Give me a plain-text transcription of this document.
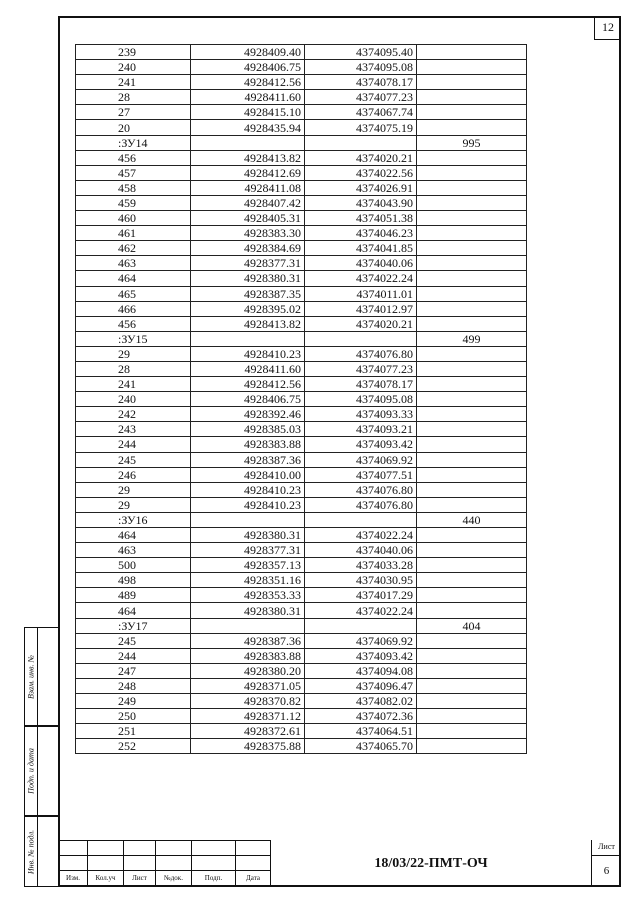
12
239	4928409.40	4374095.40	
240	4928406.75	4374095.08	
241	4928412.56	4374078.17	
28	4928411.60	4374077.23	
27	4928415.10	4374067.74	
20	4928435.94	4374075.19	
:ЗУ14			995
456	4928413.82	4374020.21	
457	4928412.69	4374022.56	
458	4928411.08	4374026.91	
459	4928407.42	4374043.90	
460	4928405.31	4374051.38	
461	4928383.30	4374046.23	
462	4928384.69	4374041.85	
463	4928377.31	4374040.06	
464	4928380.31	4374022.24	
465	4928387.35	4374011.01	
466	4928395.02	4374012.97	
456	4928413.82	4374020.21	
:ЗУ15			499
29	4928410.23	4374076.80	
28	4928411.60	4374077.23	
241	4928412.56	4374078.17	
240	4928406.75	4374095.08	
242	4928392.46	4374093.33	
243	4928385.03	4374093.21	
244	4928383.88	4374093.42	
245	4928387.36	4374069.92	
246	4928410.00	4374077.51	
29	4928410.23	4374076.80	
29	4928410.23	4374076.80	
:ЗУ16			440
464	4928380.31	4374022.24	
463	4928377.31	4374040.06	
500	4928357.13	4374033.28	
498	4928351.16	4374030.95	
489	4928353.33	4374017.29	
464	4928380.31	4374022.24	
:ЗУ17			404
245	4928387.36	4374069.92	
244	4928383.88	4374093.42	
247	4928380.20	4374094.08	
248	4928371.05	4374096.47	
249	4928370.82	4374082.02	
250	4928371.12	4374072.36	
251	4928372.61	4374064.51	
252	4928375.88	4374065.70	
Взам. инв. №
Подп. и дата
Инв. № подл.

Изм.	Кол.уч	Лист	№док.	Подп.	Дата
18/03/22-ПМТ-ОЧ
Лист
6
